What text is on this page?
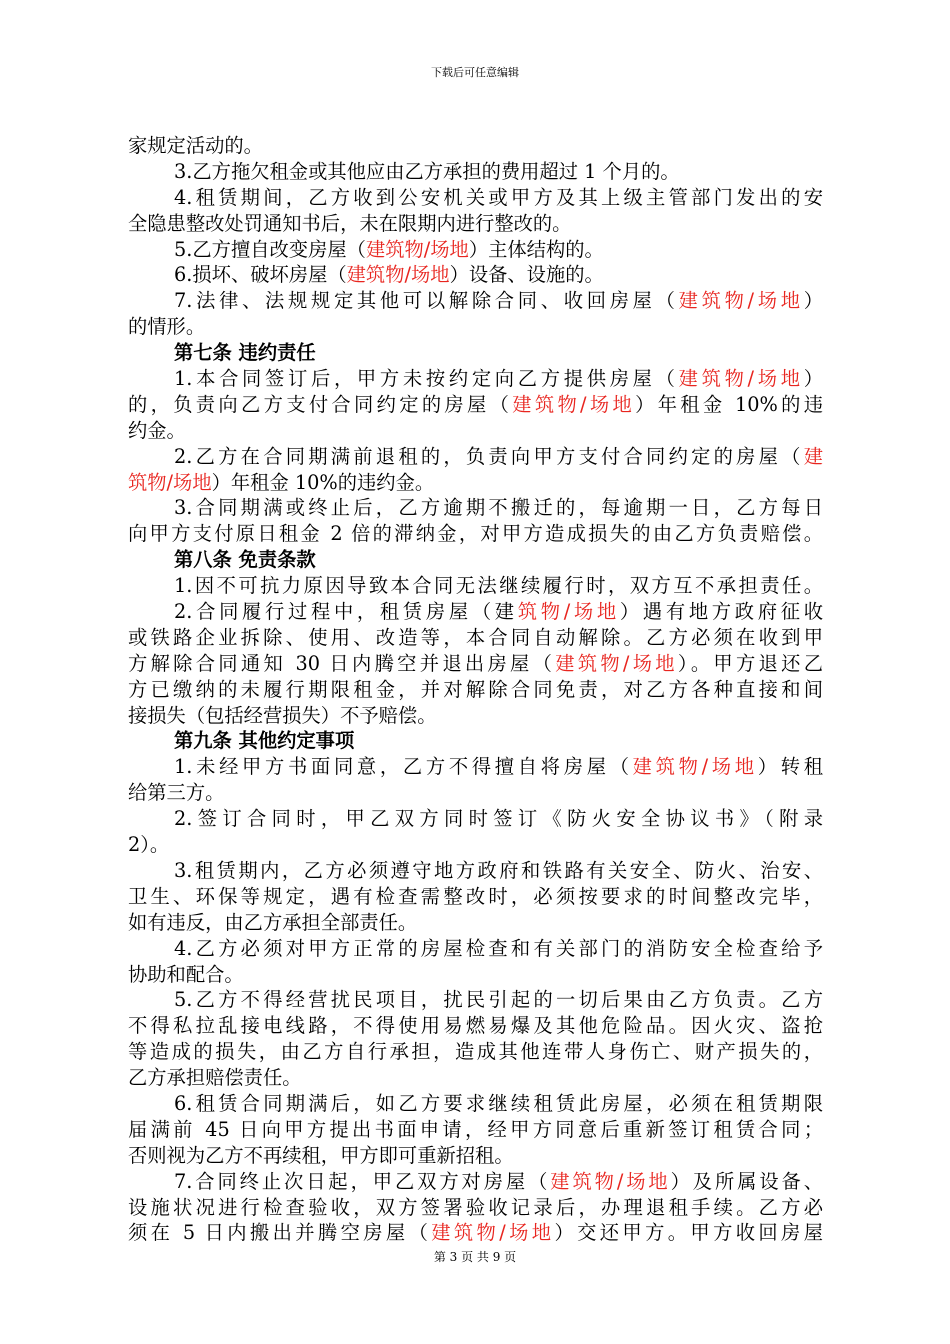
下载后可任意编辑
家规定活动的。
3.乙方拖欠租金或其他应由乙方承担的费用超过 1 个月的。
4.租赁期间，乙方收到公安机关或甲方及其上级主管部门发出的安
全隐患整改处罚通知书后，未在限期内进行整改的。
5.乙方擅自改变房屋（建筑物/场地）主体结构的。
6.损坏、破坏房屋（建筑物/场地）设备、设施的。
7.法律、法规规定其他可以解除合同、收回房屋（建筑物/场地）
的情形。
第七条 违约责任
1.本合同签订后，甲方未按约定向乙方提供房屋（建筑物/场地）
的，负责向乙方支付合同约定的房屋（建筑物/场地）年租金 10%的违
约金。
2.乙方在合同期满前退租的，负责向甲方支付合同约定的房屋（建
筑物/场地）年租金 10%的违约金。
3.合同期满或终止后，乙方逾期不搬迁的，每逾期一日，乙方每日
向甲方支付原日租金 2 倍的滞纳金，对甲方造成损失的由乙方负责赔偿。
第八条 免责条款
1.因不可抗力原因导致本合同无法继续履行时，双方互不承担责任。
2.合同履行过程中，租赁房屋（建筑物/场地）遇有地方政府征收
或铁路企业拆除、使用、改造等，本合同自动解除。乙方必须在收到甲
方解除合同通知 30 日内腾空并退出房屋（建筑物/场地）。甲方退还乙
方已缴纳的未履行期限租金，并对解除合同免责，对乙方各种直接和间
接损失（包括经营损失）不予赔偿。
第九条 其他约定事项
1.未经甲方书面同意，乙方不得擅自将房屋（建筑物/场地）转租
给第三方。
2.签订合同时，甲乙双方同时签订《防火安全协议书》（附录
2）。
3.租赁期内，乙方必须遵守地方政府和铁路有关安全、防火、治安、
卫生、环保等规定，遇有检查需整改时，必须按要求的时间整改完毕，
如有违反，由乙方承担全部责任。
4.乙方必须对甲方正常的房屋检查和有关部门的消防安全检查给予
协助和配合。
5.乙方不得经营扰民项目，扰民引起的一切后果由乙方负责。乙方
不得私拉乱接电线路，不得使用易燃易爆及其他危险品。因火灾、盗抢
等造成的损失，由乙方自行承担，造成其他连带人身伤亡、财产损失的，
乙方承担赔偿责任。
6.租赁合同期满后，如乙方要求继续租赁此房屋，必须在租赁期限
届满前 45 日向甲方提出书面申请，经甲方同意后重新签订租赁合同；
否则视为乙方不再续租，甲方即可重新招租。
7.合同终止次日起，甲乙双方对房屋（建筑物/场地）及所属设备、
设施状况进行检查验收，双方签署验收记录后，办理退租手续。乙方必
须在 5 日内搬出并腾空房屋（建筑物/场地）交还甲方。甲方收回房屋
第 3 页 共 9 页
